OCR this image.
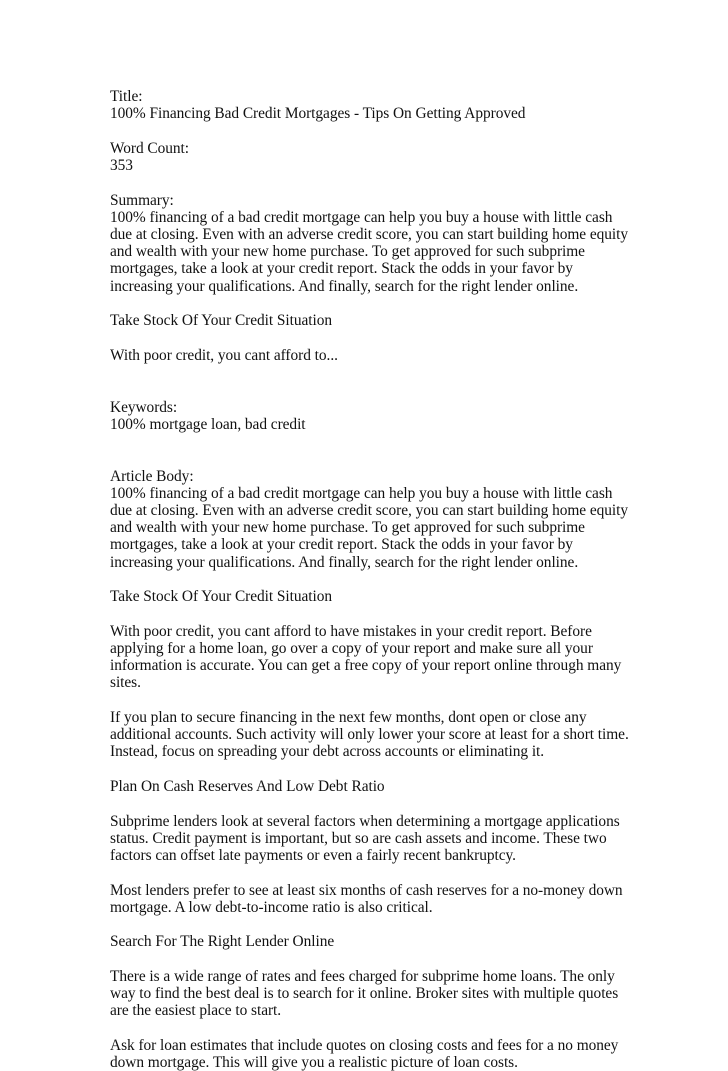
Title:
100% Financing Bad Credit Mortgages - Tips On Getting Approved
Word Count:
353
Summary:
100% financing of a bad credit mortgage can help you buy a house with little cash
due at closing. Even with an adverse credit score, you can start building home equity
and wealth with your new home purchase. To get approved for such subprime
mortgages, take a look at your credit report. Stack the odds in your favor by
increasing your qualifications. And finally, search for the right lender online.
Take Stock Of Your Credit Situation
With poor credit, you cant afford to...
Keywords:
100% mortgage loan, bad credit
Article Body:
100% financing of a bad credit mortgage can help you buy a house with little cash
due at closing. Even with an adverse credit score, you can start building home equity
and wealth with your new home purchase. To get approved for such subprime
mortgages, take a look at your credit report. Stack the odds in your favor by
increasing your qualifications. And finally, search for the right lender online.
Take Stock Of Your Credit Situation
With poor credit, you cant afford to have mistakes in your credit report. Before
applying for a home loan, go over a copy of your report and make sure all your
information is accurate. You can get a free copy of your report online through many
sites.
If you plan to secure financing in the next few months, dont open or close any
additional accounts. Such activity will only lower your score at least for a short time.
Instead, focus on spreading your debt across accounts or eliminating it.
Plan On Cash Reserves And Low Debt Ratio
Subprime lenders look at several factors when determining a mortgage applications
status. Credit payment is important, but so are cash assets and income. These two
factors can offset late payments or even a fairly recent bankruptcy.
Most lenders prefer to see at least six months of cash reserves for a no-money down
mortgage. A low debt-to-income ratio is also critical.
Search For The Right Lender Online
There is a wide range of rates and fees charged for subprime home loans. The only
way to find the best deal is to search for it online. Broker sites with multiple quotes
are the easiest place to start.
Ask for loan estimates that include quotes on closing costs and fees for a no money
down mortgage. This will give you a realistic picture of loan costs.
